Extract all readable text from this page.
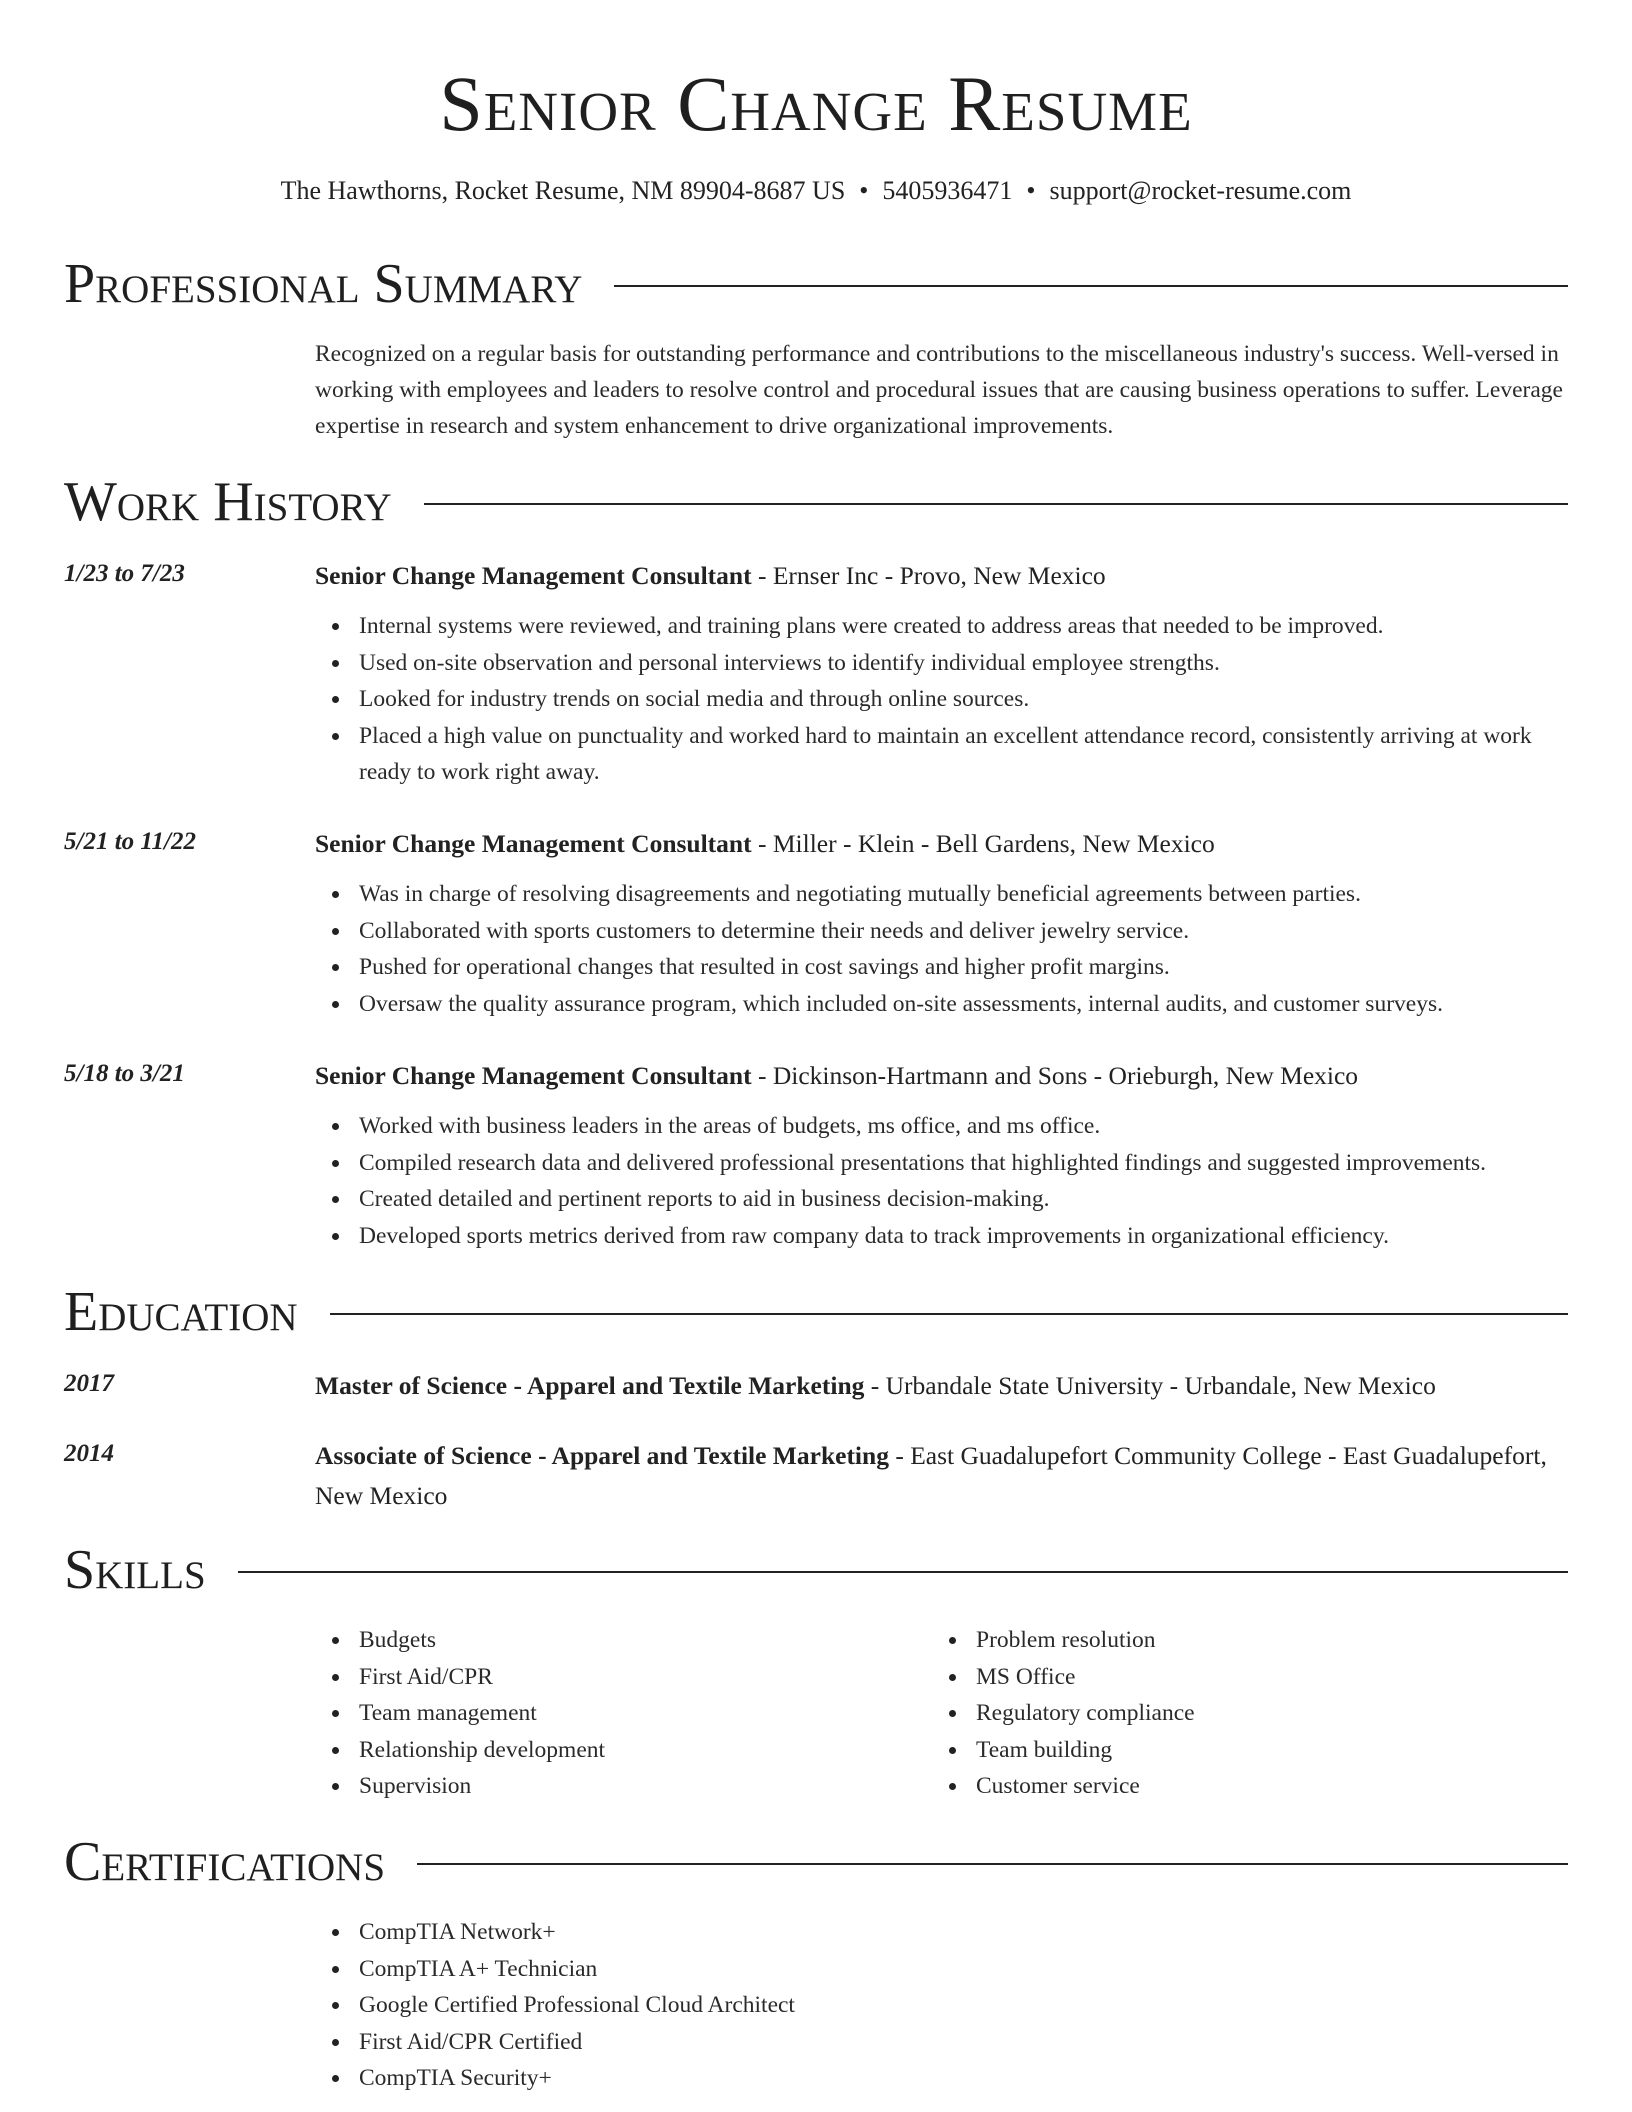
Senior Change Resume
The Hawthorns, Rocket Resume, NM 89904-8687 US • 5405936471 • support@rocket-resume.com
Professional Summary

Recognized on a regular basis for outstanding performance and contributions to the miscellaneous industry's success. Well-versed in working with employees and leaders to resolve control and procedural issues that are causing business operations to suffer. Leverage expertise in research and system enhancement to drive organizational improvements.

Work History
1/23 to 7/23	Senior Change Management Consultant - Ernser Inc - Provo, New Mexico
Internal systems were reviewed, and training plans were created to address areas that needed to be improved.
Used on-site observation and personal interviews to identify individual employee strengths.
Looked for industry trends on social media and through online sources.
Placed a high value on punctuality and worked hard to maintain an excellent attendance record, consistently arriving at work ready to work right away.
5/21 to 11/22	Senior Change Management Consultant - Miller - Klein - Bell Gardens, New Mexico
Was in charge of resolving disagreements and negotiating mutually beneficial agreements between parties.
Collaborated with sports customers to determine their needs and deliver jewelry service.
Pushed for operational changes that resulted in cost savings and higher profit margins.
Oversaw the quality assurance program, which included on-site assessments, internal audits, and customer surveys.
5/18 to 3/21	Senior Change Management Consultant - Dickinson-Hartmann and Sons - Orieburgh, New Mexico
Worked with business leaders in the areas of budgets, ms office, and ms office.
Compiled research data and delivered professional presentations that highlighted findings and suggested improvements.
Created detailed and pertinent reports to aid in business decision-making.
Developed sports metrics derived from raw company data to track improvements in organizational efficiency.
Education
2017	Master of Science - Apparel and Textile Marketing - Urbandale State University - Urbandale, New Mexico
2014	Associate of Science - Apparel and Textile Marketing - East Guadalupefort Community College - East Guadalupefort, New Mexico
Skills
Budgets
First Aid/CPR
Team management
Relationship development
Supervision
Problem resolution
MS Office
Regulatory compliance
Team building
Customer service
Certifications
CompTIA Network+
CompTIA A+ Technician
Google Certified Professional Cloud Architect
First Aid/CPR Certified
CompTIA Security+
